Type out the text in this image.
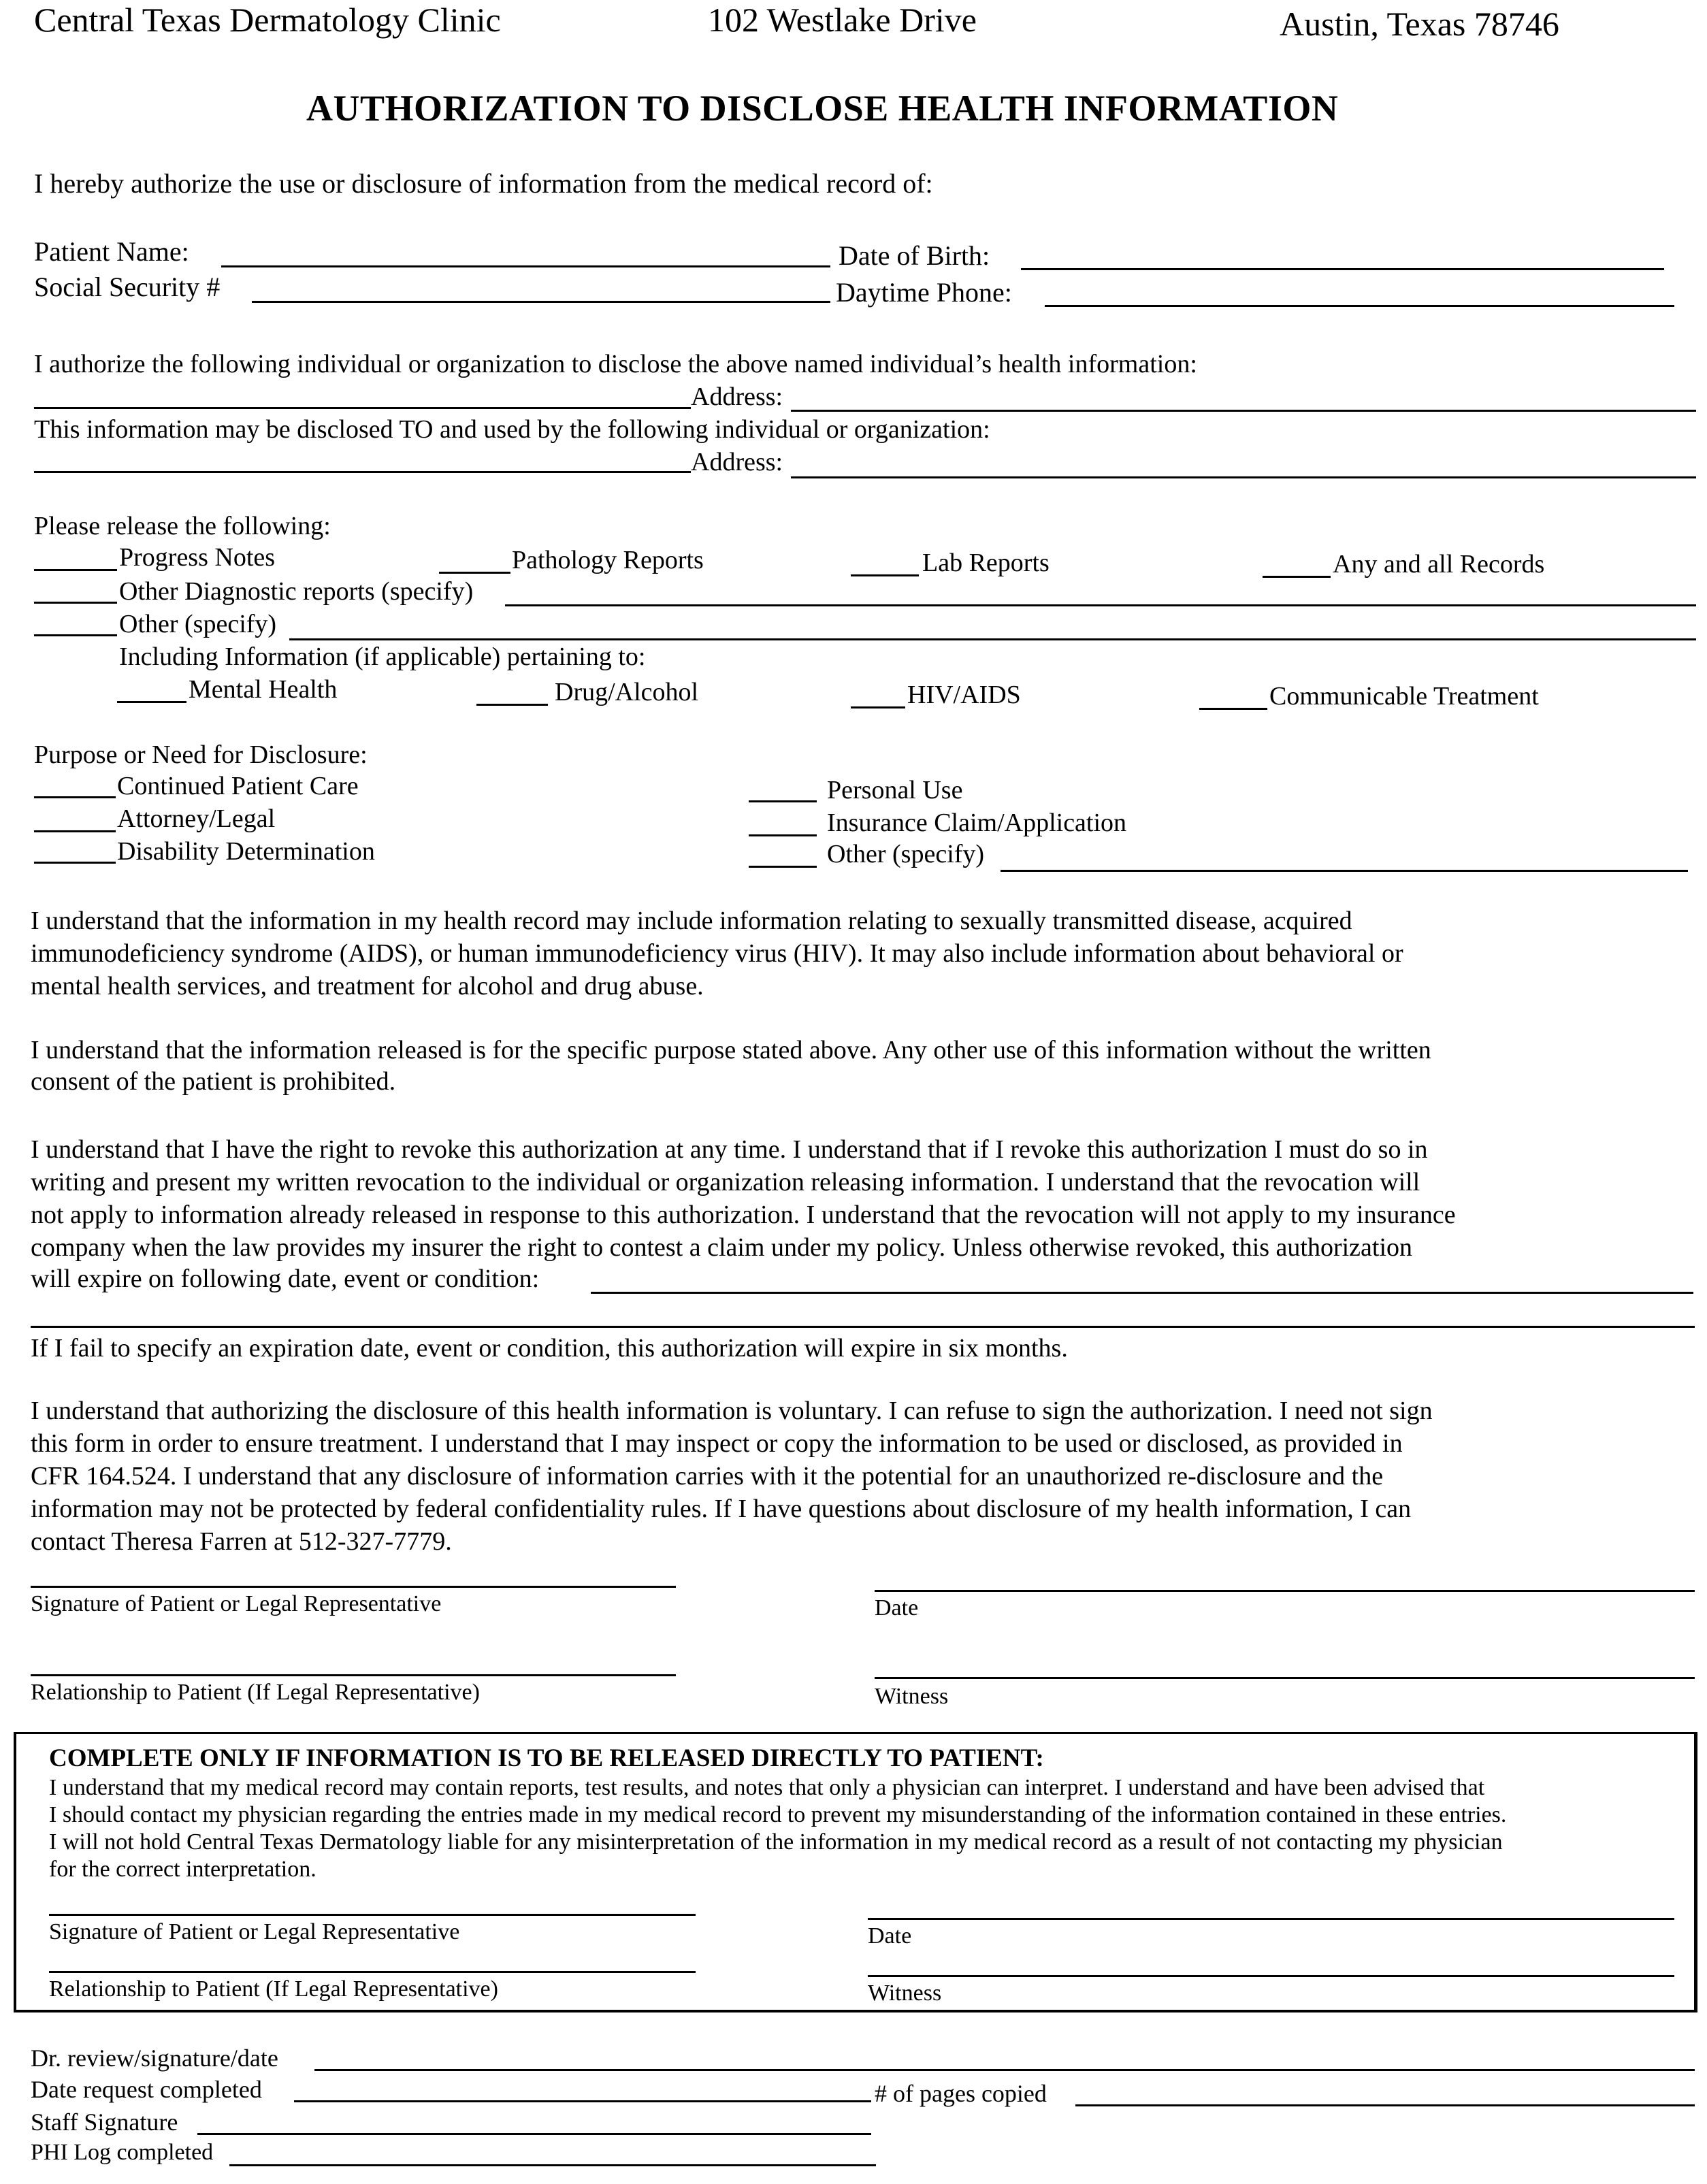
Central Texas Dermatology Clinic	102 Westlake Drive	Austin, Texas 78746
AUTHORIZATION TO DISCLOSE HEALTH INFORMATION
I hereby authorize the use or disclosure of information from the medical record of:
Patient Name:	Date of Birth:
Social Security #	Daytime Phone:
I authorize the following individual or organization to disclose the above named individual’s health information:
Address:
This information may be disclosed TO and used by the following individual or organization:
Address:
Please release the following:
Progress Notes	Pathology Reports	Lab Reports	Any and all Records
Other Diagnostic reports (specify)
Other (specify)
Including Information (if applicable) pertaining to:
Mental Health	Drug/Alcohol	HIV/AIDS	Communicable Treatment
Purpose or Need for Disclosure:
Continued Patient Care
Attorney/Legal
Disability Determination
Personal Use
Insurance Claim/Application
Other (specify)
I understand that the information in my health record may include information relating to sexually transmitted disease, acquired
immunodeficiency syndrome (AIDS), or human immunodeficiency virus (HIV). It may also include information about behavioral or
mental health services, and treatment for alcohol and drug abuse.
I understand that the information released is for the specific purpose stated above. Any other use of this information without the written
consent of the patient is prohibited.
I understand that I have the right to revoke this authorization at any time. I understand that if I revoke this authorization I must do so in
writing and present my written revocation to the individual or organization releasing information. I understand that the revocation will
not apply to information already released in response to this authorization. I understand that the revocation will not apply to my insurance
company when the law provides my insurer the right to contest a claim under my policy. Unless otherwise revoked, this authorization
will expire on following date, event or condition:
If I fail to specify an expiration date, event or condition, this authorization will expire in six months.
I understand that authorizing the disclosure of this health information is voluntary. I can refuse to sign the authorization. I need not sign
this form in order to ensure treatment. I understand that I may inspect or copy the information to be used or disclosed, as provided in
CFR 164.524. I understand that any disclosure of information carries with it the potential for an unauthorized re-disclosure and the
information may not be protected by federal confidentiality rules. If I have questions about disclosure of my health information, I can
contact Theresa Farren at 512-327-7779.
Signature of Patient or Legal Representative	Date
Relationship to Patient (If Legal Representative)	Witness
COMPLETE ONLY IF INFORMATION IS TO BE RELEASED DIRECTLY TO PATIENT:
I understand that my medical record may contain reports, test results, and notes that only a physician can interpret. I understand and have been advised that
I should contact my physician regarding the entries made in my medical record to prevent my misunderstanding of the information contained in these entries.
I will not hold Central Texas Dermatology liable for any misinterpretation of the information in my medical record as a result of not contacting my physician
for the correct interpretation.
Signature of Patient or Legal Representative	Date
Relationship to Patient (If Legal Representative)	Witness
Dr. review/signature/date
Date request completed	# of pages copied
Staff Signature
PHI Log completed
